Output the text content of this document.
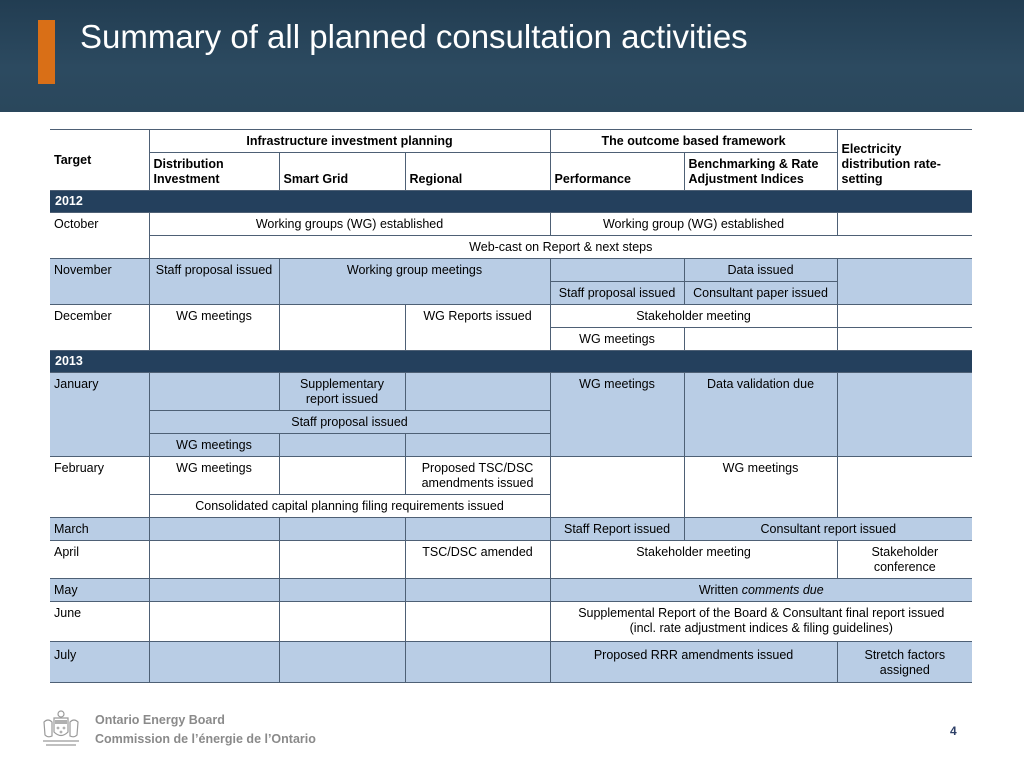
Summary of all planned consultation activities
Target	Infrastructure investment planning			The outcome based framework		Electricity distribution rate-setting
	Distribution Investment	Smart Grid	Regional	Performance	Benchmarking & Rate Adjustment Indices	
2012						
October	Working groups (WG) established			Working group (WG) established		
	Web-cast on Report & next steps					
November	Staff proposal issued	Working group meetings			Data issued	
				Staff proposal issued	Consultant paper issued	
December	WG meetings		WG Reports issued	Stakeholder meeting		
				WG meetings		
2013						
January		Supplementary report issued		WG meetings	Data validation due	
	Staff proposal issued					
	WG meetings					
February	WG meetings		Proposed TSC/DSC amendments issued		WG meetings	
	Consolidated capital planning filing requirements issued					
March				Staff Report issued	Consultant report issued	
April			TSC/DSC amended	Stakeholder meeting		Stakeholder conference
May				Written comments due		
June				Supplemental Report of the Board & Consultant final report issued (incl. rate adjustment indices & filing guidelines)		
July				Proposed RRR amendments issued		Stretch factors assigned
Ontario Energy Board
Commission de l’énergie de l’Ontario
4
